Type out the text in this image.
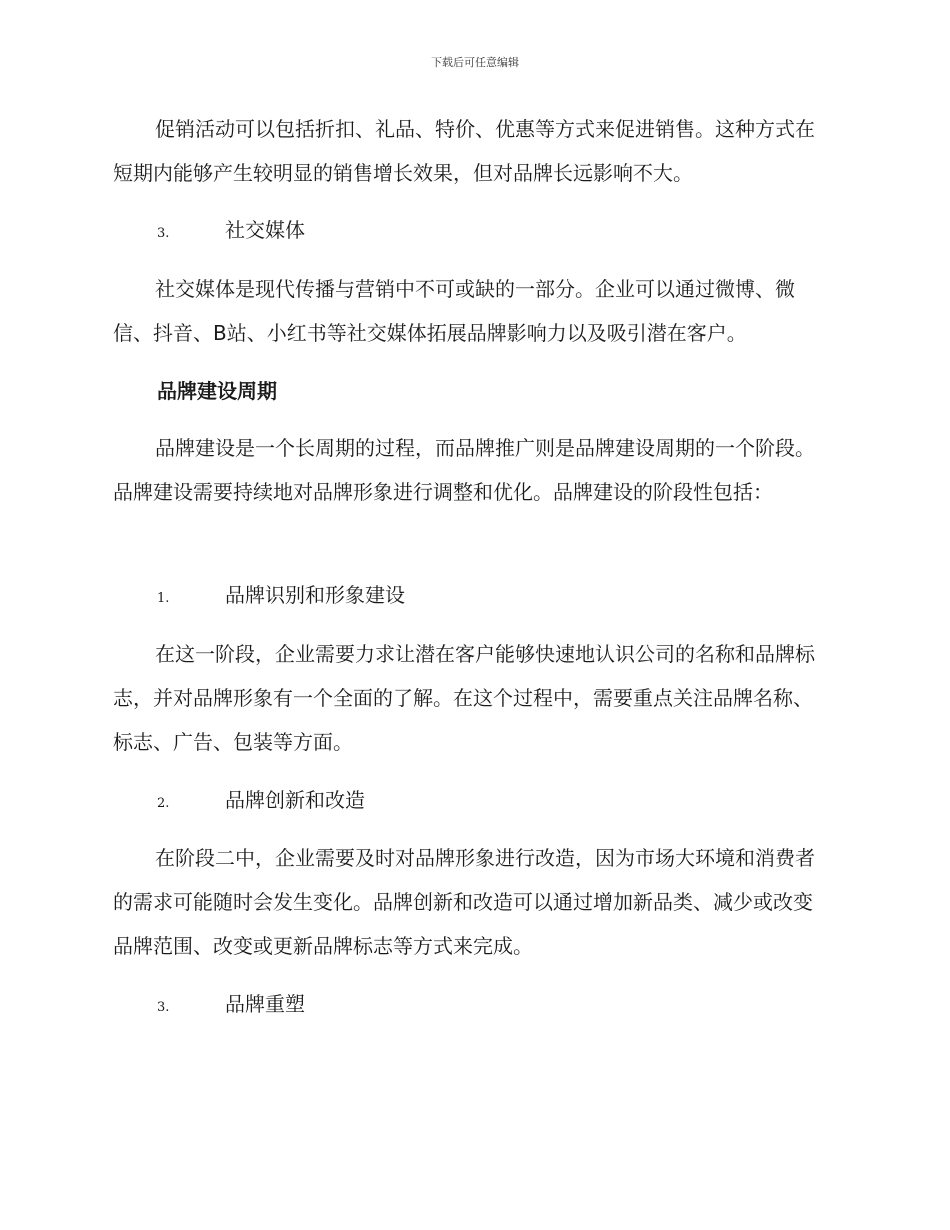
下载后可任意编辑
促销活动可以包括折扣、礼品、特价、优惠等方式来促进销售。这种方式在短期内能够产生较明显的销售增长效果，但对品牌长远影响不大。
3.	社交媒体
社交媒体是现代传播与营销中不可或缺的一部分。企业可以通过微博、微信、抖音、B站、小红书等社交媒体拓展品牌影响力以及吸引潜在客户。
品牌建设周期
品牌建设是一个长周期的过程，而品牌推广则是品牌建设周期的一个阶段。品牌建设需要持续地对品牌形象进行调整和优化。品牌建设的阶段性包括：
1.	品牌识别和形象建设
在这一阶段，企业需要力求让潜在客户能够快速地认识公司的名称和品牌标志，并对品牌形象有一个全面的了解。在这个过程中，需要重点关注品牌名称、标志、广告、包装等方面。
2.	品牌创新和改造
在阶段二中，企业需要及时对品牌形象进行改造，因为市场大环境和消费者的需求可能随时会发生变化。品牌创新和改造可以通过增加新品类、减少或改变品牌范围、改变或更新品牌标志等方式来完成。
3.	品牌重塑
